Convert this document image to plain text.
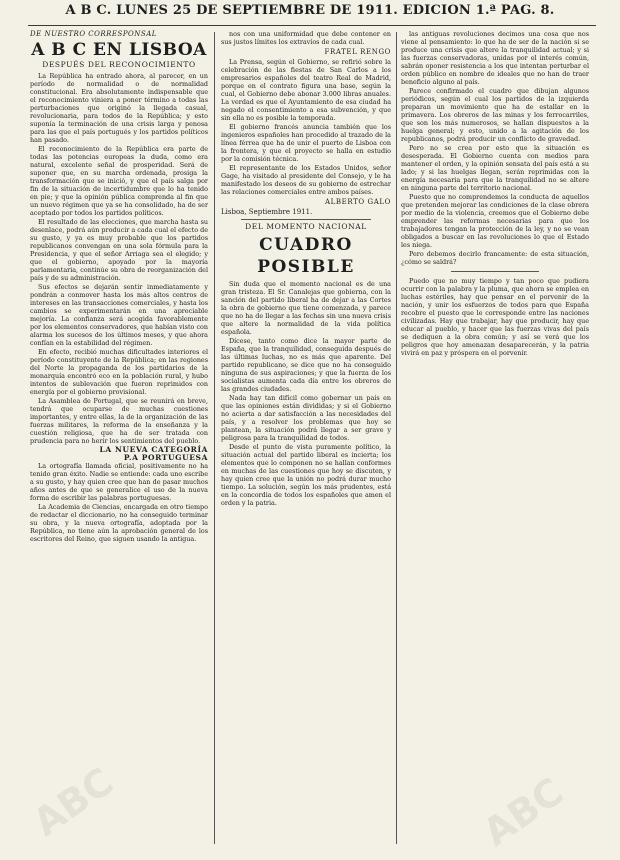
A B C. LUNES 25 DE SEPTIEMBRE DE 1911. EDICION 1.ª PAG. 8.
DE NUESTRO CORRESPONSAL
A B C EN LISBOA
DESPUÉS DEL RECONOCIMIENTO

La República ha entrado ahora, al parecer, en un período de normalidad o de normalidad constitucional. Era absolutamente indispensable que el reconocimiento viniera a poner término a todas las perturbaciones que originó la llegada casual, revolucionaria, para todos de la República; y esto suponía la terminación de una crisis larga y penosa para las que el país portugués y los partidos políticos han pasado.

El reconocimiento de la República era parte de todas las potencias europeas la duda, como era natural, excelente señal de prosperidad. Será de suponer que, en su marcha ordenada, prosiga la transformación que se inició, y que el país salga por fin de la situación de incertidumbre que lo ha tenido en pie; y que la opinión pública comprenda al fin que un nuevo régimen que ya se ha consolidado, ha de ser aceptado por todos los partidos políticos.

El resultado de las elecciones, que marcha hasta su desenlace, podrá aún producir a cada cual el efecto de su gusto, y ya es muy probable que los partidos republicanos convengan en una sola fórmula para la Presidencia, y que el señor Arriaga sea el elegido; y que el gobierno, apoyado por la mayoría parlamentaria, continúe su obra de reorganización del país y de su administración.

Sus efectos se dejarán sentir inmediatamente y pondrán a conmover hasta los más altos centros de intereses en las transacciones comerciales, y hasta los cambios se experimentarán en una apreciable mejoría. La confianza será acogida favorablemente por los elementos conservadores, que habían visto con alarma los sucesos de los últimos meses, y que ahora confían en la estabilidad del régimen.

En efecto, recibió muchas dificultades interiores el período constituyente de la República; en las regiones del Norte la propaganda de los partidarios de la monarquía encontró eco en la población rural, y hubo intentos de sublevación que fueron reprimidos con energía por el gobierno provisional.

La Asamblea de Portugal, que se reunirá en breve, tendrá que ocuparse de muchas cuestiones importantes, y entre ellas, la de la organización de las fuerzas militares, la reforma de la enseñanza y la cuestión religiosa, que ha de ser tratada con prudencia para no herir los sentimientos del pueblo.

LA NUEVA CATEGORÍA
P.A PORTUGUESA

La ortografía llamada oficial, positivamente no ha tenido gran éxito. Nadie se entiende: cada uno escribe a su gusto, y hay quien cree que han de pasar muchos años antes de que se generalice el uso de la nueva forma de escribir las palabras portuguesas.

La Academia de Ciencias, encargada en otro tiempo de redactar el diccionario, no ha conseguido terminar su obra, y la nueva ortografía, adoptada por la República, no tiene aún la aprobación general de los escritores del Reino, que siguen usando la antigua.

nos con una uniformidad que debe contener en sus justos límites los extravíos de cada cual.

FRATEL RENGO

La Prensa, según el Gobierno, se refirió sobre la celebración de las fiestas de San Carlos a los empresarios españoles del teatro Real de Madrid, porque en el contrato figura una base, según la cual, el Gobierno debe abonar 3.000 libras anuales. La verdad es que el Ayuntamiento de esa ciudad ha negado el consentimiento a esa subvención, y que sin ella no es posible la temporada.

El gobierno francés anuncia también que los ingenieros españoles han procedido al trazado de la línea férrea que ha de unir el puerto de Lisboa con la frontera, y que el proyecto se halla en estudio por la comisión técnica.

El representante de los Estados Unidos, señor Gage, ha visitado al presidente del Consejo, y le ha manifestado los deseos de su gobierno de estrechar las relaciones comerciales entre ambos países.

ALBERTO GALO
Lisboa, Septiembre 1911.
DEL MOMENTO NACIONAL
CUADRO POSIBLE

Sin duda que el momento nacional es de una gran tristeza. El Sr. Canalejas que gobierna, con la sanción del partido liberal ha de dejar a las Cortes la obra de gobierno que tiene comenzada, y parece que no ha de llegar a las fechas sin una nueva crisis que altere la normalidad de la vida política española.

Dícese, tanto como dice la mayor parte de España, que la tranquilidad, conseguida después de las últimas luchas, no es más que aparente. Del partido republicano, se dice que no ha conseguido ninguna de sus aspiraciones; y que la fuerza de los socialistas aumenta cada día entre los obreros de las grandes ciudades.

Nada hay tan difícil como gobernar un país en que las opiniones están divididas; y si el Gobierno no acierta a dar satisfacción a las necesidades del país, y a resolver los problemas que hoy se plantean, la situación podrá llegar a ser grave y peligrosa para la tranquilidad de todos.

Desde el punto de vista puramente político, la situación actual del partido liberal es incierta; los elementos que lo componen no se hallan conformes en muchas de las cuestiones que hoy se discuten, y hay quien cree que la unión no podrá durar mucho tiempo. La solución, según los más prudentes, está en la concordia de todos los españoles que amen el orden y la patria.

las antiguas revoluciones decimos una cosa que nos viene al pensamiento: lo que ha de ser de la nación si se produce una crisis que altere la tranquilidad actual; y si las fuerzas conservadoras, unidas por el interés común, sabrán oponer resistencia a los que intentan perturbar el orden público en nombre de ideales que no han de traer beneficio alguno al país.

Parece confirmado el cuadro que dibujan algunos periódicos, según el cual los partidos de la izquierda preparan un movimiento que ha de estallar en la primavera. Los obreros de las minas y los ferrocarriles, que son los más numerosos, se hallan dispuestos a la huelga general; y esto, unido a la agitación de los republicanos, podrá producir un conflicto de gravedad.

Pero no se crea por esto que la situación es desesperada. El Gobierno cuenta con medios para mantener el orden, y la opinión sensata del país está a su lado; y si las huelgas llegan, serán reprimidas con la energía necesaria para que la tranquilidad no se altere en ninguna parte del territorio nacional.

Puesto que no comprendemos la conducta de aquellos que pretenden mejorar las condiciones de la clase obrera por medio de la violencia, creemos que el Gobierno debe emprender las reformas necesarias para que los trabajadores tengan la protección de la ley, y no se vean obligados a buscar en las revoluciones lo que el Estado les niega.

Pero debemos decirlo francamente: de esta situación, ¿cómo se saldrá?

Puedo que no muy tiempo y tan poco que pudiera ocurrir con la palabra y la pluma, que ahora se emplea en luchas estériles, hay que pensar en el porvenir de la nación, y unir los esfuerzos de todos para que España recobre el puesto que le corresponde entre las naciones civilizadas. Hay que trabajar, hay que producir, hay que educar al pueblo, y hacer que las fuerzas vivas del país se dediquen a la obra común; y así se verá que los peligros que hoy amenazan desaparecerán, y la patria vivirá en paz y próspera en el porvenir.

ABC	ABC
